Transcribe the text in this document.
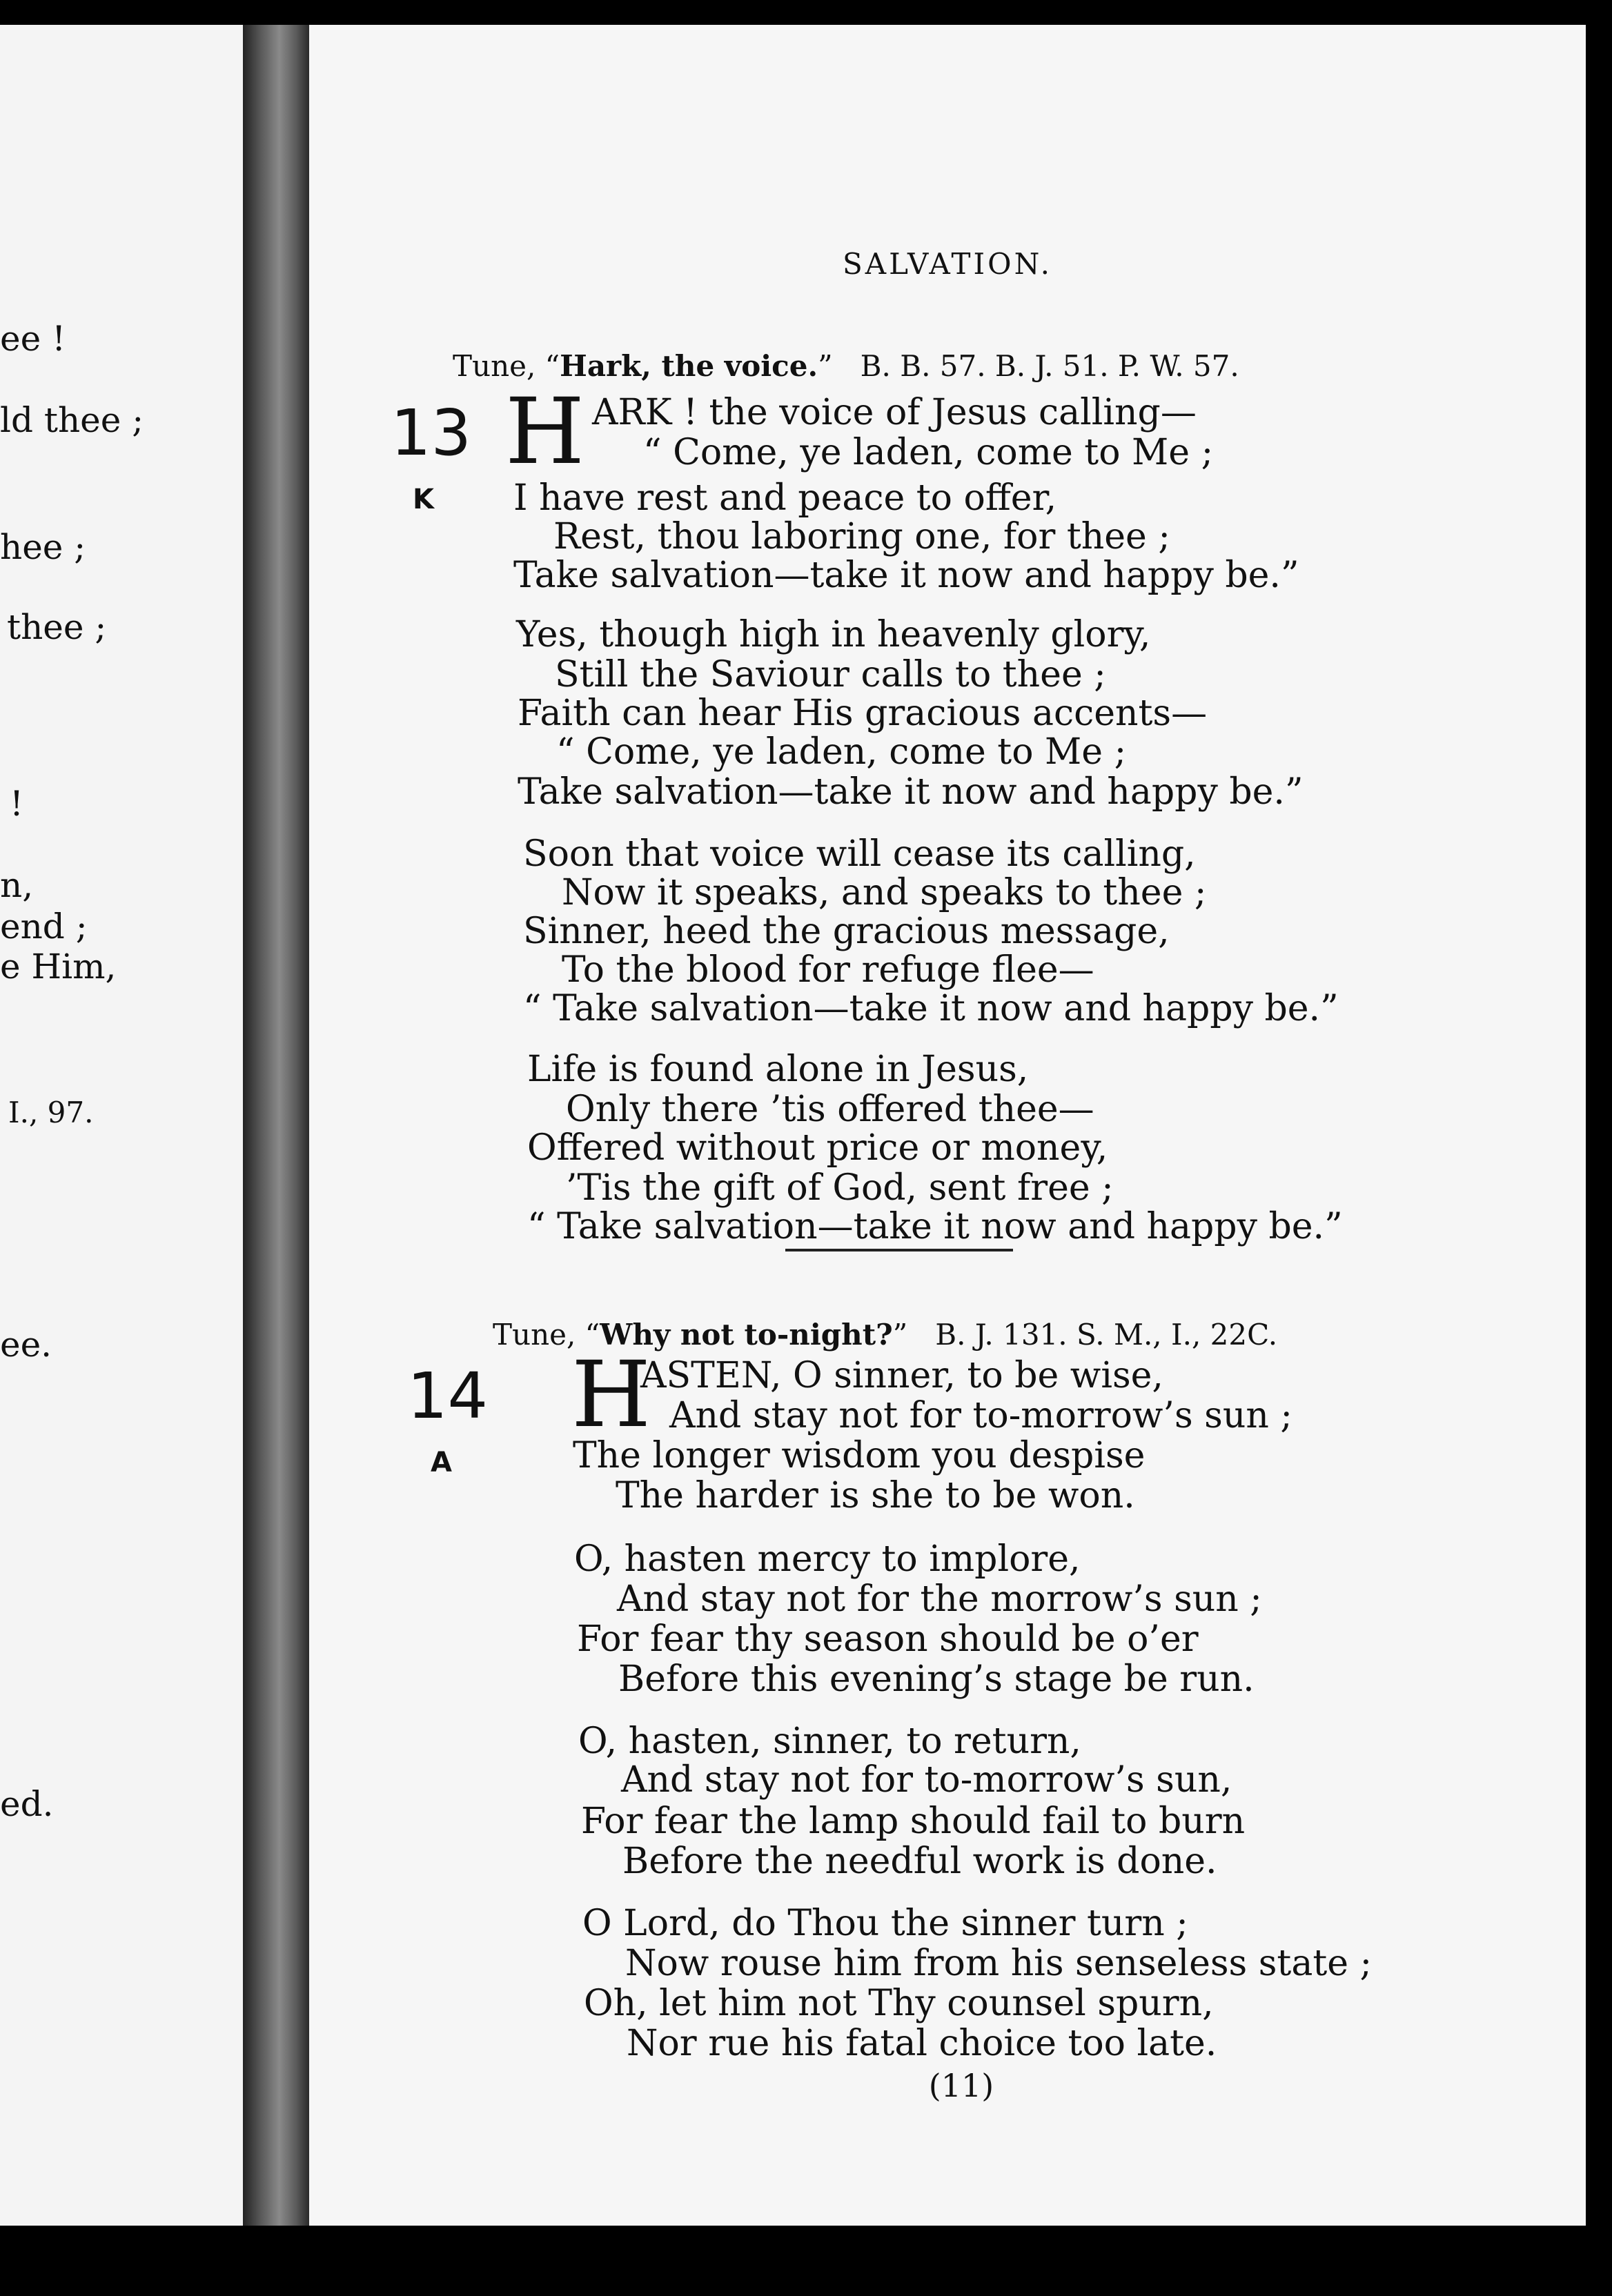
ee !
ld thee ;
hee ;
thee ;
!
n,
end ;
e Him,
I., 97.
ee.
ed.
SALVATION.
Tune, “Hark, the voice.” B. B. 57. B. J. 51. P. W. 57.
13
K
H ARK ! the voice of Jesus calling—
“ Come, ye laden, come to Me ;
I have rest and peace to offer,
Rest, thou laboring one, for thee ;
Take salvation—take it now and happy be.”
Yes, though high in heavenly glory,
Still the Saviour calls to thee ;
Faith can hear His gracious accents—
“ Come, ye laden, come to Me ;
Take salvation—take it now and happy be.”
Soon that voice will cease its calling,
Now it speaks, and speaks to thee ;
Sinner, heed the gracious message,
To the blood for refuge flee—
“ Take salvation—take it now and happy be.”
Life is found alone in Jesus,
Only there ’tis offered thee—
Offered without price or money,
’Tis the gift of God, sent free ;
“ Take salvation—take it now and happy be.”
Tune, “Why not to-night?” B. J. 131. S. M., I., 22C.
14
A
H
ASTEN, O sinner, to be wise,
And stay not for to-morrow’s sun ;
The longer wisdom you despise
The harder is she to be won.
O, hasten mercy to implore,
And stay not for the morrow’s sun ;
For fear thy season should be o’er
Before this evening’s stage be run.
O, hasten, sinner, to return,
And stay not for to-morrow’s sun,
For fear the lamp should fail to burn
Before the needful work is done.
O Lord, do Thou the sinner turn ;
Now rouse him from his senseless state ;
Oh, let him not Thy counsel spurn,
Nor rue his fatal choice too late.
(11)
